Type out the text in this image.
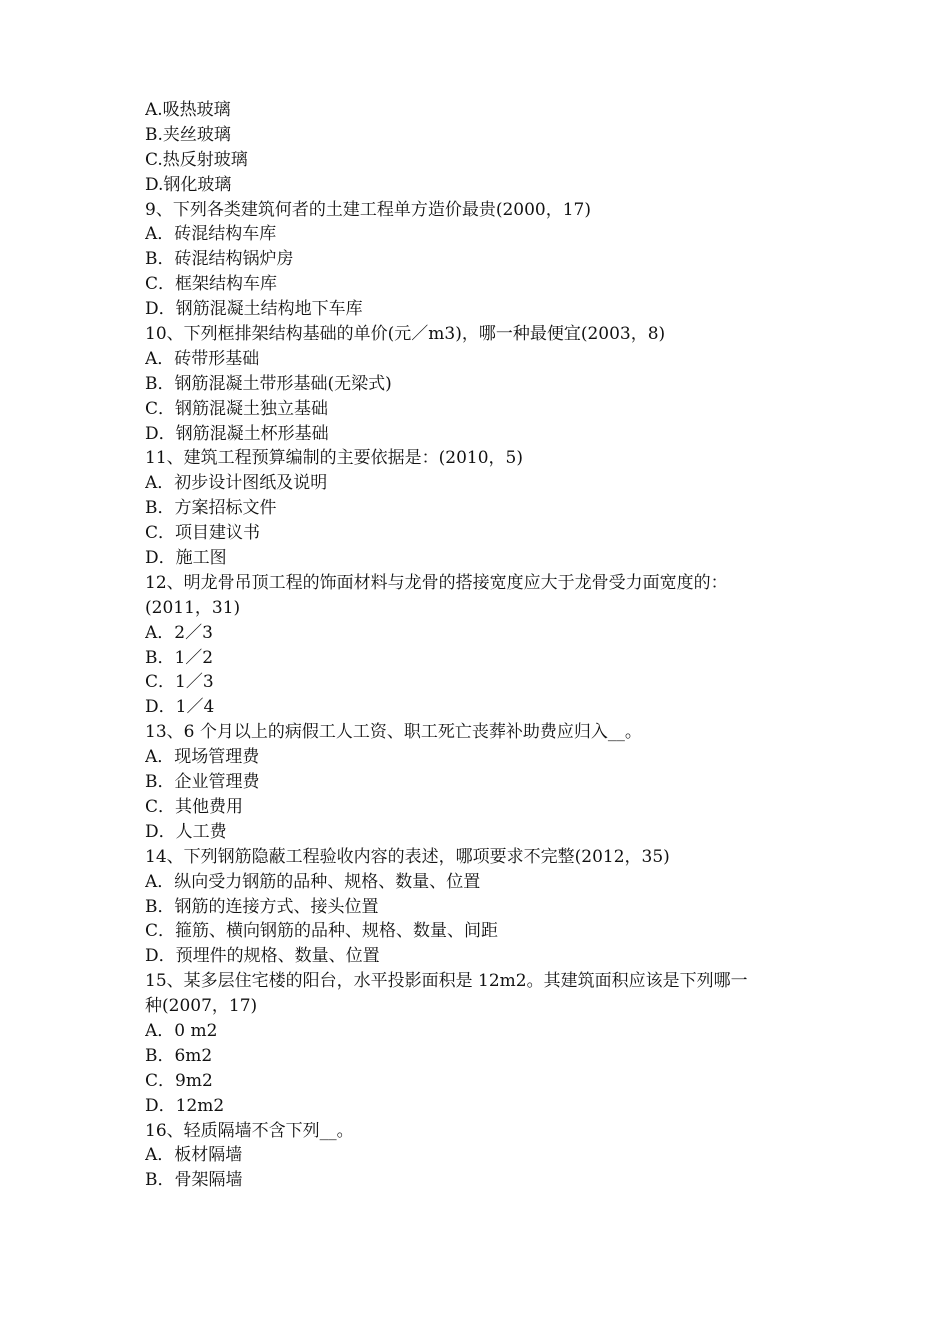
A.吸热玻璃
B.夹丝玻璃
C.热反射玻璃
D.钢化玻璃
9、下列各类建筑何者的土建工程单方造价最贵(2000，17)
A．砖混结构车库
B．砖混结构锅炉房
C．框架结构车库
D．钢筋混凝土结构地下车库
10、下列框排架结构基础的单价(元／m3)，哪一种最便宜(2003，8)
A．砖带形基础
B．钢筋混凝土带形基础(无梁式)
C．钢筋混凝土独立基础
D．钢筋混凝土杯形基础
11、建筑工程预算编制的主要依据是：(2010，5)
A．初步设计图纸及说明
B．方案招标文件
C．项目建议书
D．施工图
12、明龙骨吊顶工程的饰面材料与龙骨的搭接宽度应大于龙骨受力面宽度的：
(2011，31)
A．2／3
B．1／2
C．1／3
D．1／4
13、6 个月以上的病假工人工资、职工死亡丧葬补助费应归入__。
A．现场管理费
B．企业管理费
C．其他费用
D．人工费
14、下列钢筋隐蔽工程验收内容的表述，哪项要求不完整(2012，35)
A．纵向受力钢筋的品种、规格、数量、位置
B．钢筋的连接方式、接头位置
C．箍筋、横向钢筋的品种、规格、数量、间距
D．预埋件的规格、数量、位置
15、某多层住宅楼的阳台，水平投影面积是 12m2。其建筑面积应该是下列哪一
种(2007，17)
A．0 m2
B．6m2
C．9m2
D．12m2
16、轻质隔墙不含下列__。
A．板材隔墙
B．骨架隔墙
